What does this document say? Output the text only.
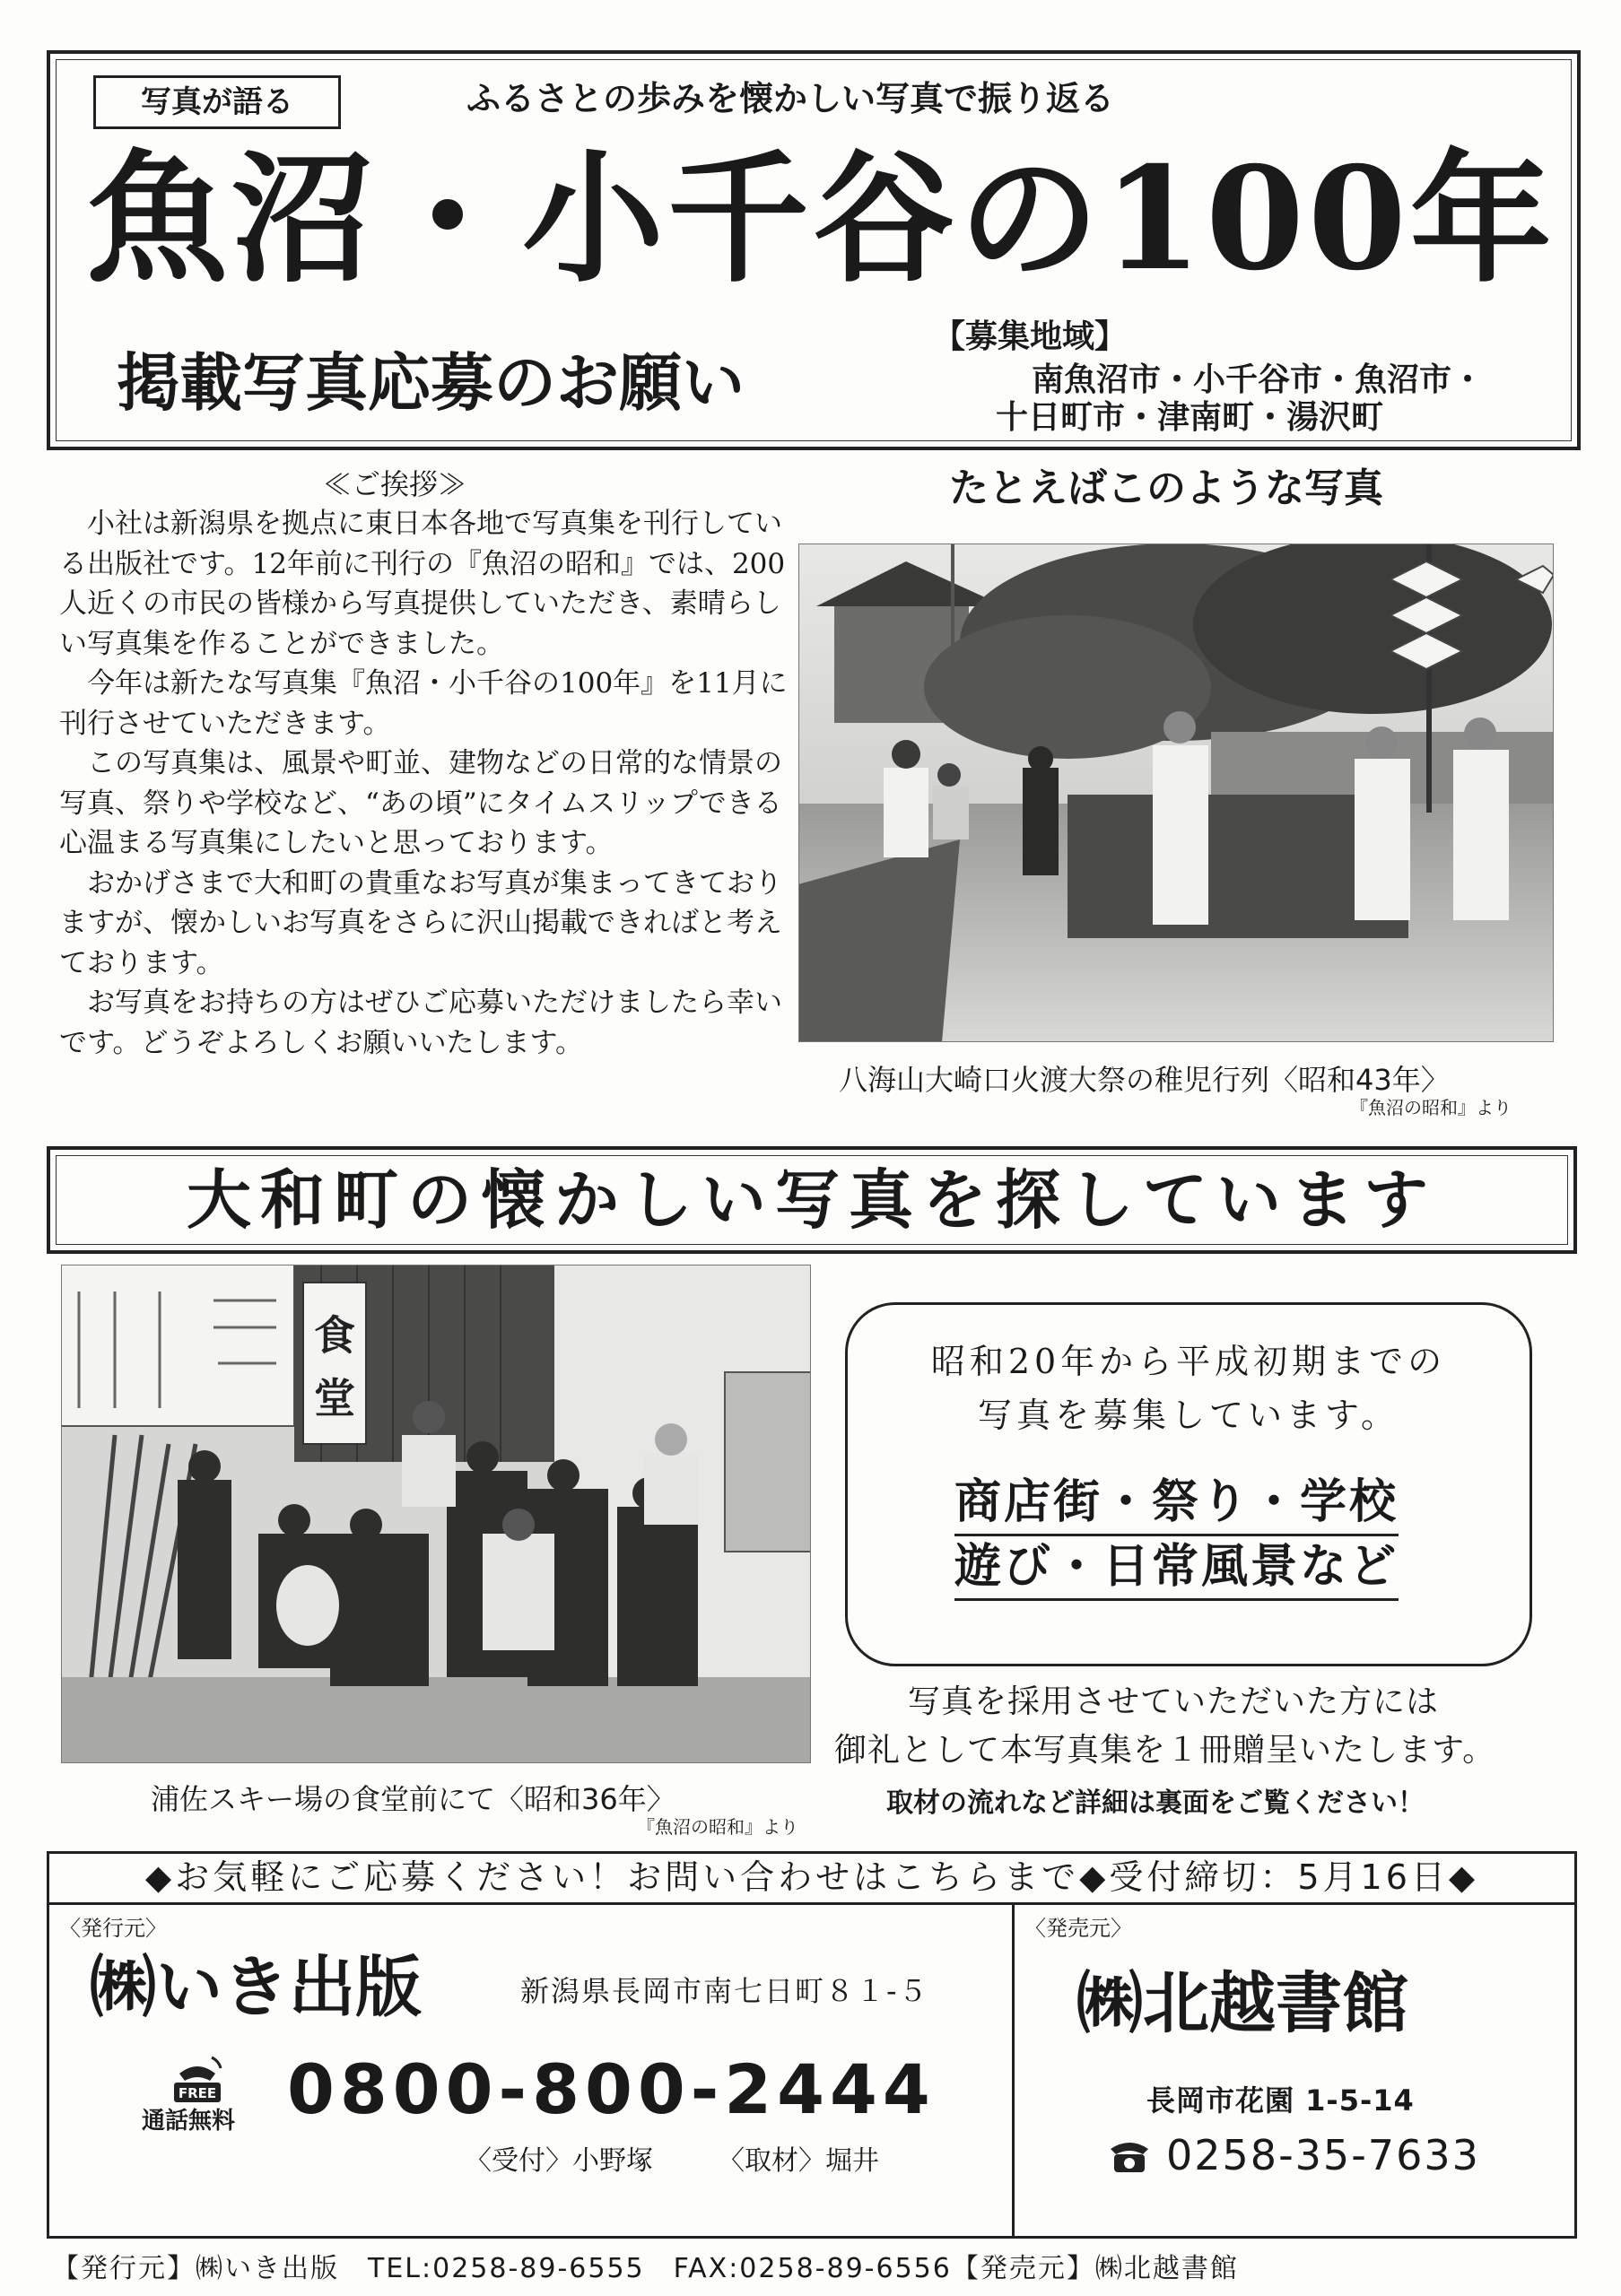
写真が語る	ふるさとの歩みを懐かしい写真で振り返る
魚沼・小千谷の100年
掲載写真応募のお願い
【募集地域】
南魚沼市・小千谷市・魚沼市・
十日町市・津南町・湯沢町
≪ご挨拶≫

小社は新潟県を拠点に東日本各地で写真集を刊行している出版社です。12年前に刊行の『魚沼の昭和』では、200人近くの市民の皆様から写真提供していただき、素晴らしい写真集を作ることができました。

今年は新たな写真集『魚沼・小千谷の100年』を11月に刊行させていただきます。

この写真集は、風景や町並、建物などの日常的な情景の写真、祭りや学校など、“あの頃”にタイムスリップできる心温まる写真集にしたいと思っております。

おかげさまで大和町の貴重なお写真が集まってきておりますが、懐かしいお写真をさらに沢山掲載できればと考えております。

お写真をお持ちの方はぜひご応募いただけましたら幸いです。どうぞよろしくお願いいたします。

たとえばこのような写真
八海山大崎口火渡大祭の稚児行列〈昭和43年〉
『魚沼の昭和』より
大和町の懐かしい写真を探しています
食
堂
浦佐スキー場の食堂前にて〈昭和36年〉
『魚沼の昭和』より
昭和20年から平成初期までの
写真を募集しています。
商店街・祭り・学校
遊び・日常風景など
写真を採用させていただいた方には
御礼として本写真集を１冊贈呈いたします。
取材の流れなど詳細は裏面をご覧ください！
◆お気軽にご応募ください！お問い合わせはこちらまで◆受付締切：5月16日◆
〈発行元〉
㈱いき出版	新潟県長岡市南七日町８１-５
FREE
通話無料 0800-800-2444
〈受付〉小野塚 〈取材〉堀井
〈発売元〉
㈱北越書館
長岡市花園 1-5-14
0258-35-7633
【発行元】㈱いき出版　TEL:0258-89-6555　FAX:0258-89-6556【発売元】㈱北越書館
